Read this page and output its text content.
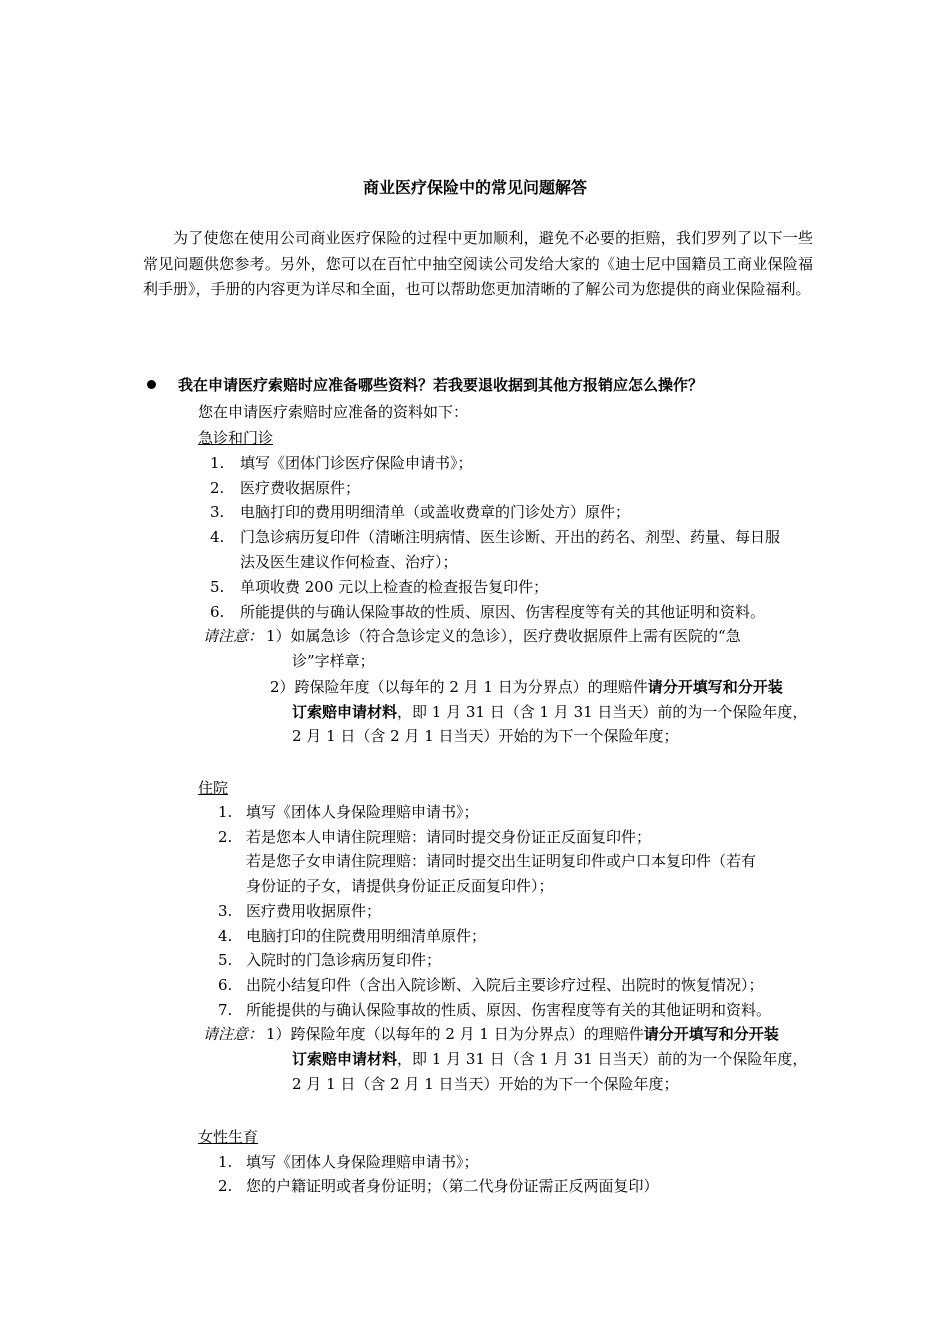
商业医疗保险中的常见问题解答
为了使您在使用公司商业医疗保险的过程中更加顺利，避免不必要的拒赔，我们罗列了以下一些常见问题供您参考。另外，您可以在百忙中抽空阅读公司发给大家的《迪士尼中国籍员工商业保险福利手册》，手册的内容更为详尽和全面，也可以帮助您更加清晰的了解公司为您提供的商业保险福利。
我在申请医疗索赔时应准备哪些资料？若我要退收据到其他方报销应怎么操作？
您在申请医疗索赔时应准备的资料如下：
急诊和门诊
1. 填写《团体门诊医疗保险申请书》；
2. 医疗费收据原件；
3. 电脑打印的费用明细清单（或盖收费章的门诊处方）原件；
4. 门急诊病历复印件（清晰注明病情、医生诊断、开出的药名、剂型、药量、每日服
法及医生建议作何检查、治疗）；
5. 单项收费 200 元以上检查的检查报告复印件；
6. 所能提供的与确认保险事故的性质、原因、伤害程度等有关的其他证明和资料。
请注意： 1）如属急诊（符合急诊定义的急诊），医疗费收据原件上需有医院的“急
诊”字样章；
2）跨保险年度（以每年的 2 月 1 日为分界点）的理赔件请分开填写和分开装
订索赔申请材料，即 1 月 31 日（含 1 月 31 日当天）前的为一个保险年度，
2 月 1 日（含 2 月 1 日当天）开始的为下一个保险年度；
住院
1. 填写《团体人身保险理赔申请书》；
2. 若是您本人申请住院理赔：请同时提交身份证正反面复印件；
若是您子女申请住院理赔：请同时提交出生证明复印件或户口本复印件（若有
身份证的子女，请提供身份证正反面复印件）；
3. 医疗费用收据原件；
4. 电脑打印的住院费用明细清单原件；
5. 入院时的门急诊病历复印件；
6. 出院小结复印件（含出入院诊断、入院后主要诊疗过程、出院时的恢复情况）；
7. 所能提供的与确认保险事故的性质、原因、伤害程度等有关的其他证明和资料。
请注意： 1）跨保险年度（以每年的 2 月 1 日为分界点）的理赔件请分开填写和分开装
订索赔申请材料，即 1 月 31 日（含 1 月 31 日当天）前的为一个保险年度，
2 月 1 日（含 2 月 1 日当天）开始的为下一个保险年度；
女性生育
1. 填写《团体人身保险理赔申请书》；
2. 您的户籍证明或者身份证明；（第二代身份证需正反两面复印）
